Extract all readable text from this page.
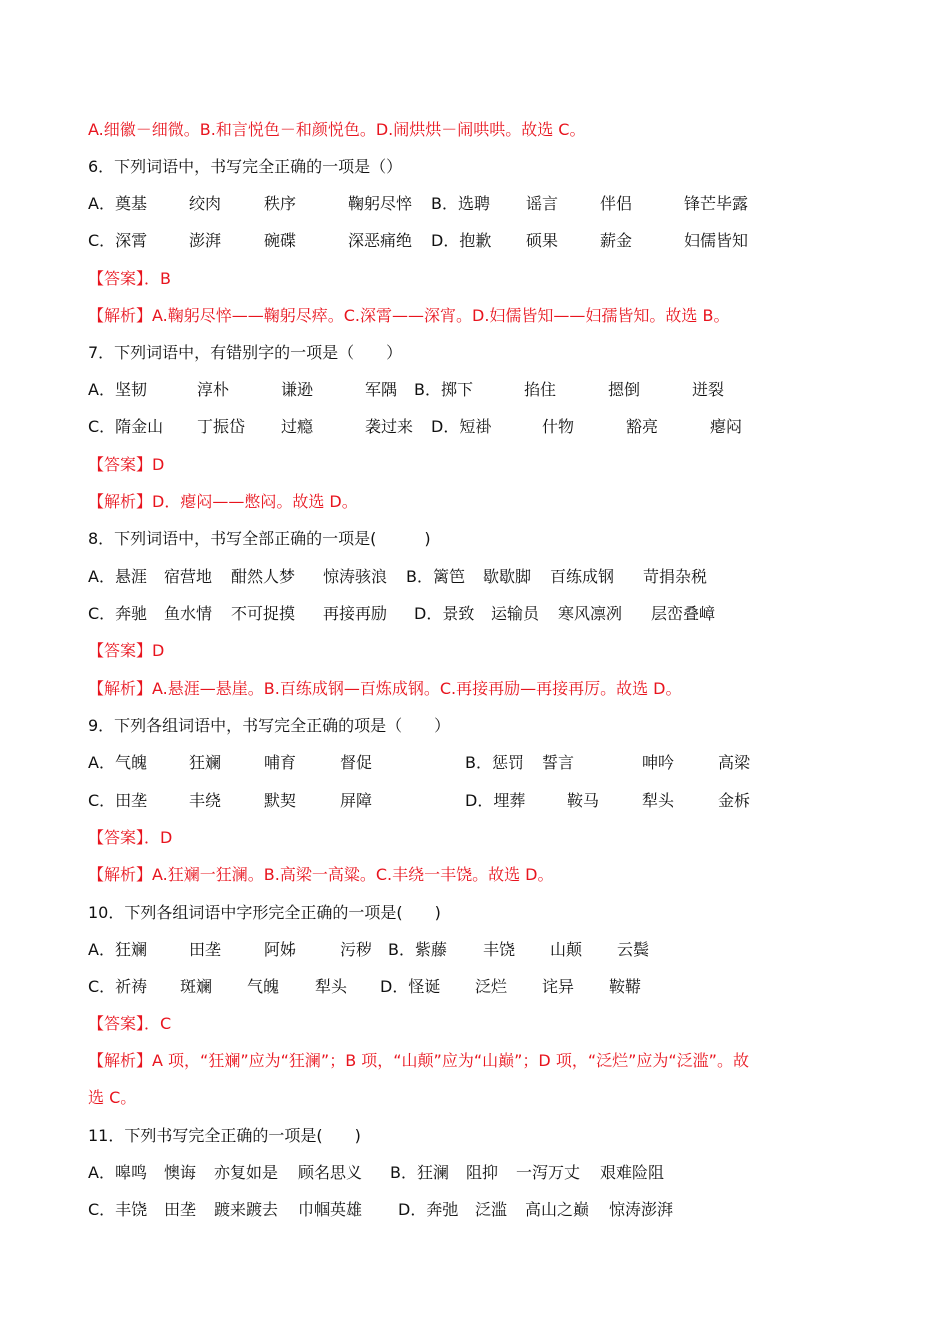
A.细徽－细微。B.和言悦色－和颜悦色。D.闹烘烘－闹哄哄。故选 C。
6．下列词语中，书写完全正确的一项是（）
A．奠基	绞肉	秩序	鞠躬尽悴 B．选聘 谣言	伴侣	锋芒毕露
C．深霄	澎湃	碗碟	深恶痛绝 D．抱歉 硕果	薪金	妇儒皆知
【答案】．B
【解析】A.鞠躬尽悴——鞠躬尽瘁。C.深霄——深宵。D.妇儒皆知——妇孺皆知。故选 B。
7．下列词语中，有错别字的一项是（　　）
A．坚韧	淳朴	谦逊	军隅 B．掷下	掐住	摁倒	迸裂
C．隋金山 丁振岱 过瘾	袭过来 D．短褂	什物	豁亮	瘪闷
【答案】D
【解析】D．瘪闷——憋闷。故选 D。
8．下列词语中，书写全部正确的一项是(　　　)
A．悬涯 宿营地 酣然人梦 惊涛骇浪 B．篱笆 歇歇脚 百练成钢 苛捐杂税
C．奔驰 鱼水情 不可捉摸 再接再励 D．景致 运输员 寒风凛冽 层峦叠嶂
【答案】D
【解析】A.悬涯—悬崖。B.百练成钢—百炼成钢。C.再接再励—再接再厉。故选 D。
9．下列各组词语中，书写完全正确的项是（　　）
A．气魄	狂斓	哺育	督促	B．惩罚 誓言	呻吟	高梁
C．田垄	丰绕	默契	屏障	D．埋葬	鞍马	犁头	金柝
【答案】．D
【解析】A.狂斓一狂澜。B.高梁一高粱。C.丰绕一丰饶。故选 D。
10．下列各组词语中字形完全正确的一项是(　　)
A．狂斓	田垄	阿姊	污秽 B．紫藤 丰饶 山颠 云鬓
C．祈祷 斑斓 气魄 犁头 D．怪诞 泛烂 诧异 鞍鞯
【答案】．C
【解析】A 项，“狂斓”应为“狂澜”；B 项，“山颠”应为“山巅”；D 项，“泛烂”应为“泛滥”。故
选 C。
11．下列书写完全正确的一项是(　　)
A．嗥鸣 懊诲 亦复如是 顾名思义 B．狂澜 阻抑 一泻万丈 艰难险阻
C．丰饶 田垄 踱来踱去 巾帼英雄 D．奔弛 泛滥 高山之巅 惊涛澎湃
